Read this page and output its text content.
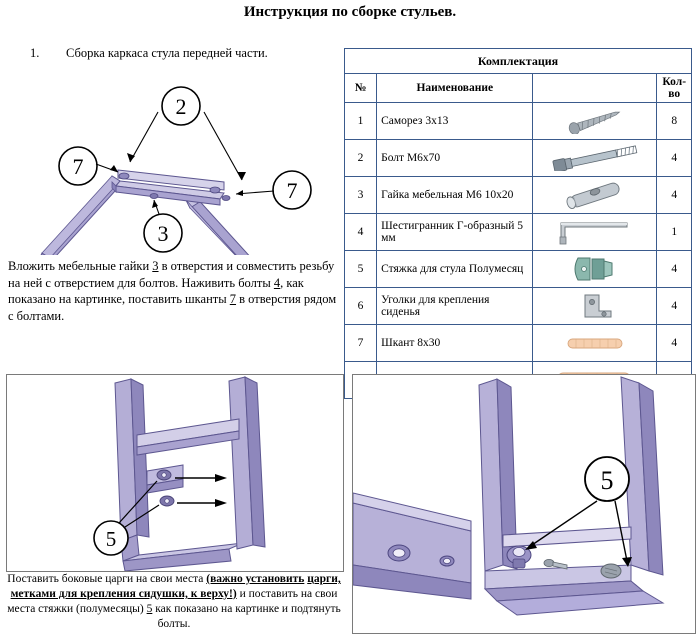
Инструкция по сборке стульев.
1. Сборка каркаса стула передней части.
2
7
7
3
Вложить мебельные гайки 3 в отверстия и совместить резьбу на ней с отверстием для болтов. Наживить болты 4, как показано на картинке, поставить шканты 7 в отверстия рядом с болтами.
Комплектация			
№	Наименование		Кол-во
1	Саморез 3х13		8
2	Болт М6х70		4
3	Гайка мебельная М6 10х20		4
4	Шестигранник Г-образный 5 мм		1
5	Стяжка для стула Полумесяц		4
6	Уголки для крепления сиденья		4
7	Шкант 8х30		4

5
5
Поставить боковые царги на свои места (важно установить царги, метками для крепления сидушки, к верху!) и поставить на свои места стяжки (полумесяцы) 5 как показано на картинке и подтянуть болты.
